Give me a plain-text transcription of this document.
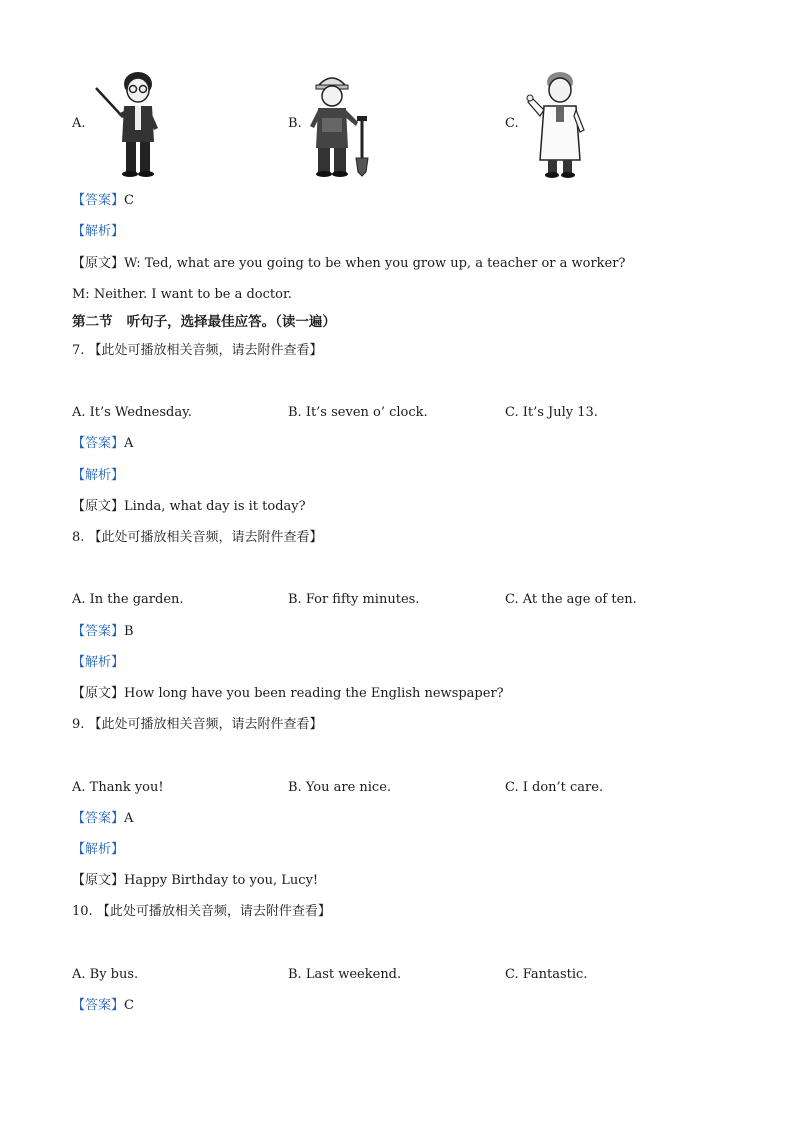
A.	B.	C.
【答案】C
【解析】
【原文】W: Ted, what are you going to be when you grow up, a teacher or a worker?
M: Neither. I want to be a doctor.
第二节   听句子，选择最佳应答。（读一遍）
7. 【此处可播放相关音频，请去附件查看】
A. It’s Wednesday.	B. It’s seven o’ clock.	C. It’s July 13.
【答案】A
【解析】
【原文】Linda, what day is it today?
8. 【此处可播放相关音频，请去附件查看】
A. In the garden.	B. For fifty minutes.	C. At the age of ten.
【答案】B
【解析】
【原文】How long have you been reading the English newspaper?
9. 【此处可播放相关音频，请去附件查看】
A. Thank you!	B. You are nice.	C. I don’t care.
【答案】A
【解析】
【原文】Happy Birthday to you, Lucy!
10. 【此处可播放相关音频，请去附件查看】
A. By bus.	B. Last weekend.	C. Fantastic.
【答案】C
